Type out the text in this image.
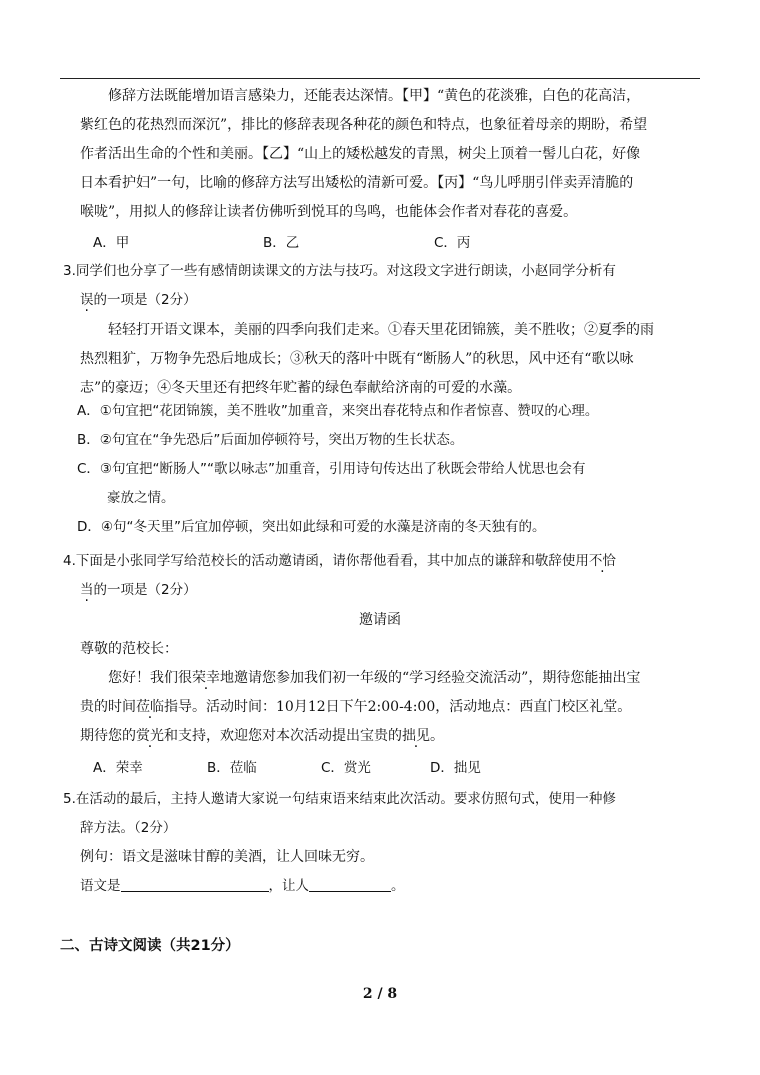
修辞方法既能增加语言感染力，还能表达深情。【甲】“黄色的花淡雅，白色的花高洁，
紫红色的花热烈而深沉”，排比的修辞表现各种花的颜色和特点，也象征着母亲的期盼，希望
作者活出生命的个性和美丽。【乙】“山上的矮松越发的青黑，树尖上顶着一髻儿白花，好像
日本看护妇”一句，比喻的修辞方法写出矮松的清新可爱。【丙】“鸟儿呼朋引伴卖弄清脆的
喉咙”，用拟人的修辞让读者仿佛听到悦耳的鸟鸣，也能体会作者对春花的喜爱。
A．甲	B．乙	C．丙
3.同学们也分享了一些有感情朗读课文的方法与技巧。对这段文字进行朗读，小赵同学分析有
误的一项是（2分）
轻轻打开语文课本，美丽的四季向我们走来。①春天里花团锦簇，美不胜收；②夏季的雨
热烈粗犷，万物争先恐后地成长；③秋天的落叶中既有“断肠人”的秋思，风中还有“歌以咏
志”的豪迈；④冬天里还有把终年贮蓄的绿色奉献给济南的可爱的水藻。
A．①句宜把“花团锦簇，美不胜收”加重音，来突出春花特点和作者惊喜、赞叹的心理。
B．②句宜在“争先恐后”后面加停顿符号，突出万物的生长状态。
C．③句宜把“断肠人”“歌以咏志”加重音，引用诗句传达出了秋既会带给人忧思也会有
豪放之情。
D．④句“冬天里”后宜加停顿，突出如此绿和可爱的水藻是济南的冬天独有的。
4.下面是小张同学写给范校长的活动邀请函，请你帮他看看，其中加点的谦辞和敬辞使用不恰
当的一项是（2分）
邀请函
尊敬的范校长：
您好！我们很荣幸地邀请您参加我们初一年级的“学习经验交流活动”，期待您能抽出宝
贵的时间莅临指导。活动时间：10月12日下午2:00-4:00，活动地点：西直门校区礼堂。
期待您的赏光和支持，欢迎您对本次活动提出宝贵的拙见。
A．荣幸	B．莅临	C．赏光	D．拙见
5.在活动的最后，主持人邀请大家说一句结束语来结束此次活动。要求仿照句式，使用一种修
辞方法。（2分）
例句：语文是滋味甘醇的美酒，让人回味无穷。
语文是	，让人	。
二、古诗文阅读（共21分）
2 / 8
